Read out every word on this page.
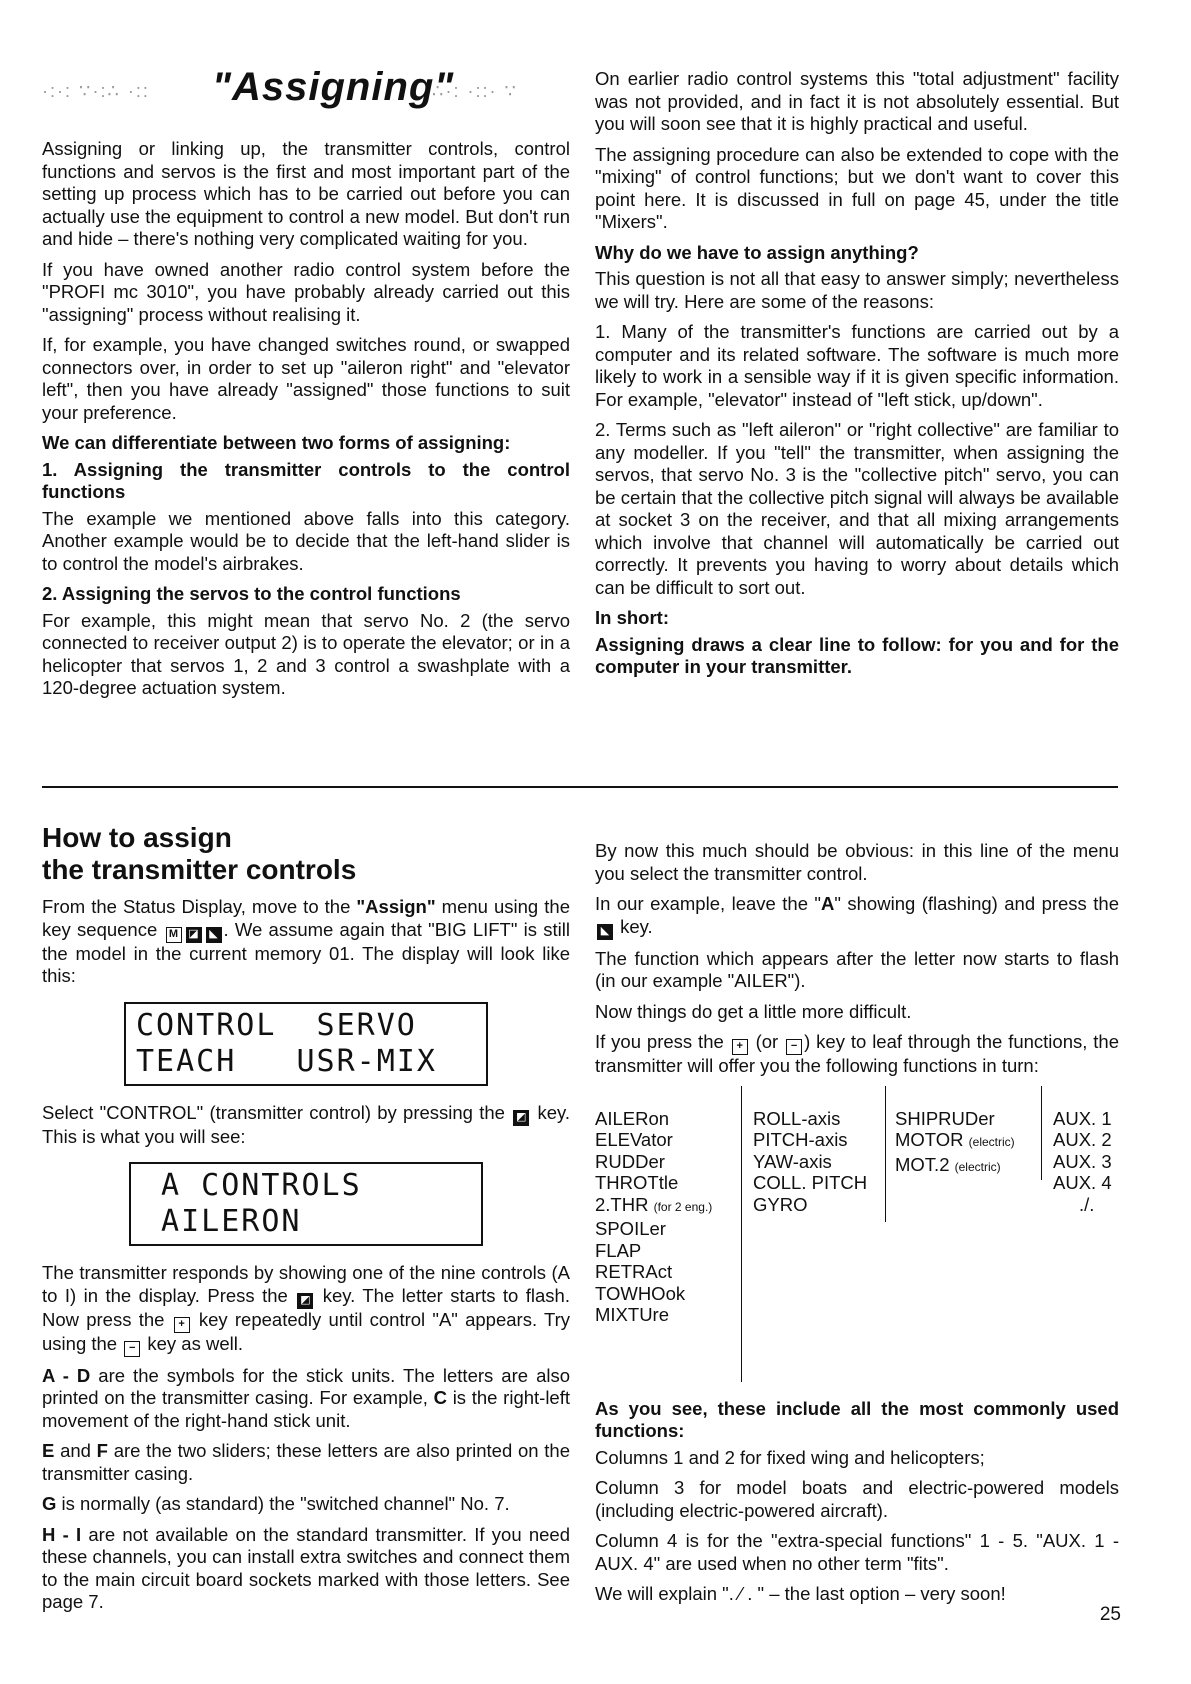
·:·: ∵·:∴ ·:: "Assigning"
∴·: ·::· ∵

Assigning or linking up, the transmitter controls, control functions and servos is the first and most important part of the setting up process which has to be carried out before you can actually use the equipment to control a new model. But don't run and hide – there's nothing very complicated waiting for you.

If you have owned another radio control system before the "PROFI mc 3010", you have probably already carried out this "assigning" process without realising it.

If, for example, you have changed switches round, or swapped connectors over, in order to set up "aileron right" and "elevator left", then you have already "assigned" those functions to suit your preference.

We can differentiate between two forms of assigning:

1. Assigning the transmitter controls to the control functions

The example we mentioned above falls into this category. Another example would be to decide that the left-hand slider is to control the model's airbrakes.

2. Assigning the servos to the control functions

For example, this might mean that servo No. 2 (the servo connected to receiver output 2) is to operate the elevator; or in a helicopter that servos 1, 2 and 3 control a swashplate with a 120-degree actuation system.

On earlier radio control systems this "total adjustment" facility was not provided, and in fact it is not absolutely essential. But you will soon see that it is highly practical and useful.

The assigning procedure can also be extended to cope with the "mixing" of control functions; but we don't want to cover this point here. It is discussed in full on page 45, under the title "Mixers".

Why do we have to assign anything?

This question is not all that easy to answer simply; nevertheless we will try. Here are some of the reasons:

1. Many of the transmitter's functions are carried out by a computer and its related software. The software is much more likely to work in a sensible way if it is given specific information. For example, "elevator" instead of "left stick, up/down".

2. Terms such as "left aileron" or "right collective" are familiar to any modeller. If you "tell" the transmitter, when assigning the servos, that servo No. 3 is the "collective pitch" servo, you can be certain that the collective pitch signal will always be available at socket 3 on the receiver, and that all mixing arrangements which involve that channel will automatically be carried out correctly. It prevents you having to worry about details which can be difficult to sort out.

In short:

Assigning draws a clear line to follow: for you and for the computer in your transmitter.

How to assign
the transmitter controls

From the Status Display, move to the "Assign" menu using the key sequence M ◪ ◣ . We assume again that "BIG LIFT" is still the model in the current memory 01. The display will look like this:

CONTROL  SERVO
TEACH   USR-MIX

Select "CONTROL" (transmitter control) by pressing the ◩ key. This is what you will see:

A CONTROLS
AILERON

The transmitter responds by showing one of the nine controls (A to I) in the display. Press the ◩ key. The letter starts to flash. Now press the + key repeatedly until control "A" appears. Try using the − key as well.

A - D are the symbols for the stick units. The letters are also printed on the transmitter casing. For example, C is the right-left movement of the right-hand stick unit.

E and F are the two sliders; these letters are also printed on the transmitter casing.

G is normally (as standard) the "switched channel" No. 7.

H - I are not available on the standard transmitter. If you need these channels, you can install extra switches and connect them to the main circuit board sockets marked with those letters. See page 7.

By now this much should be obvious: in this line of the menu you select the transmitter control.

In our example, leave the "A" showing (flashing) and press the ◣ key.

The function which appears after the letter now starts to flash (in our example "AILER").

Now things do get a little more difficult.

If you press the + (or − ) key to leaf through the functions, the transmitter will offer you the following functions in turn:

AILERon
ELEVator
RUDDer
THROTtle
2.THR (for 2 eng.)
SPOILer
FLAP
RETRAct
TOWHOok
MIXTUre
ROLL-axis
PITCH-axis
YAW-axis
COLL. PITCH
GYRO
SHIPRUDer
MOTOR (electric)
MOT.2 (electric)
AUX. 1
AUX. 2
AUX. 3
AUX. 4
./.

As you see, these include all the most commonly used functions:

Columns 1 and 2 for fixed wing and helicopters;

Column 3 for model boats and electric-powered models (including electric-powered aircraft).

Column 4 is for the "extra-special functions" 1 - 5. "AUX. 1 - AUX. 4" are used when no other term "fits".

We will explain ". ⁄ . " – the last option – very soon!

25
